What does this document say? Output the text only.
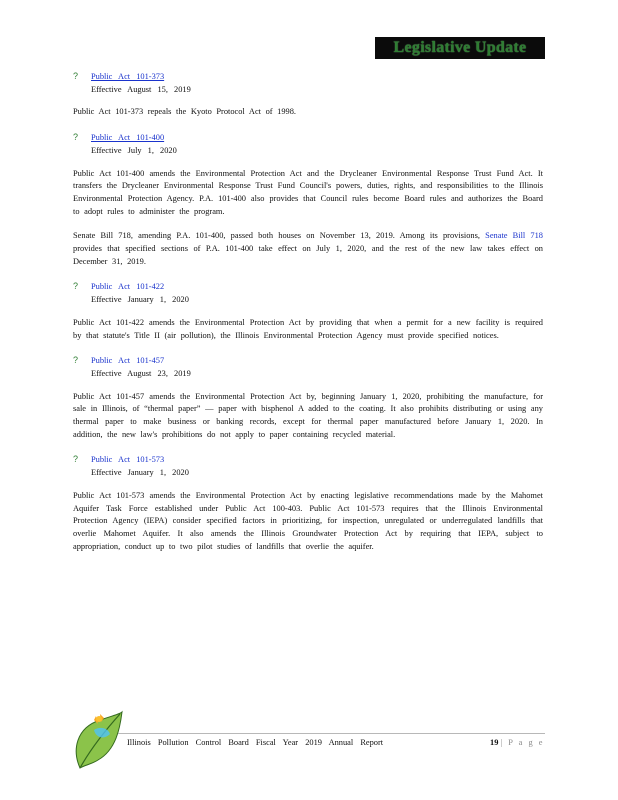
Legislative Update
?	Public Act 101-373
Effective August 15, 2019

Public Act 101-373 repeals the Kyoto Protocol Act of 1998.

?	Public Act 101-400
Effective July 1, 2020

Public Act 101-400 amends the Environmental Protection Act and the Drycleaner Environmental Response Trust Fund Act. It transfers the Drycleaner Environmental Response Trust Fund Council's powers, duties, rights, and responsibilities to the Illinois Environmental Protection Agency. P.A. 101-400 also provides that Council rules become Board rules and authorizes the Board to adopt rules to administer the program.

Senate Bill 718, amending P.A. 101-400, passed both houses on November 13, 2019. Among its provisions, Senate Bill 718 provides that specified sections of P.A. 101-400 take effect on July 1, 2020, and the rest of the new law takes effect on December 31, 2019.

?	Public Act 101-422
Effective January 1, 2020

Public Act 101-422 amends the Environmental Protection Act by providing that when a permit for a new facility is required by that statute's Title II (air pollution), the Illinois Environmental Protection Agency must provide specified notices.

?	Public Act 101-457
Effective August 23, 2019

Public Act 101-457 amends the Environmental Protection Act by, beginning January 1, 2020, prohibiting the manufacture, for sale in Illinois, of “thermal paper” — paper with bisphenol A added to the coating. It also prohibits distributing or using any thermal paper to make business or banking records, except for thermal paper manufactured before January 1, 2020. In addition, the new law's prohibitions do not apply to paper containing recycled material.

?	Public Act 101-573
Effective January 1, 2020

Public Act 101-573 amends the Environmental Protection Act by enacting legislative recommendations made by the Mahomet Aquifer Task Force established under Public Act 100-403. Public Act 101-573 requires that the Illinois Environmental Protection Agency (IEPA) consider specified factors in prioritizing, for inspection, unregulated or underregulated landfills that overlie Mahomet Aquifer. It also amends the Illinois Groundwater Protection Act by requiring that IEPA, subject to appropriation, conduct up to two pilot studies of landfills that overlie the aquifer.

Illinois Pollution Control Board Fiscal Year 2019 Annual Report	19 | P a g e
